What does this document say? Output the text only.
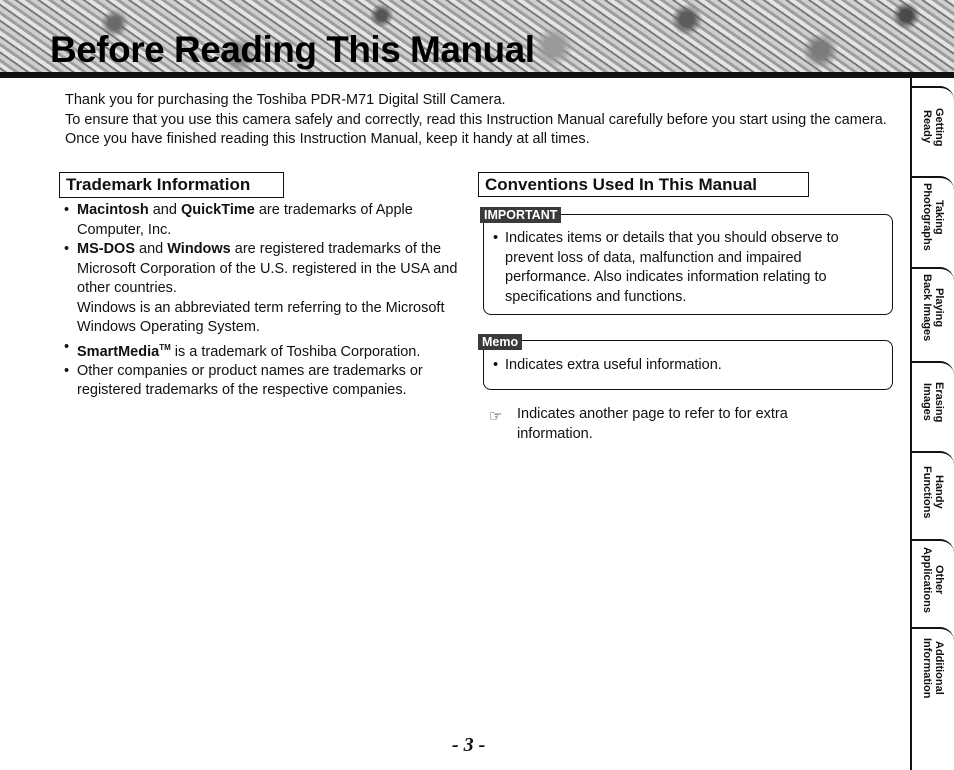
Before Reading This Manual

Thank you for purchasing the Toshiba PDR-M71 Digital Still Camera.

To ensure that you use this camera safely and correctly, read this Instruction Manual carefully before you start using the camera. Once you have finished reading this Instruction Manual, keep it handy at all times.

Trademark Information
• Macintosh and QuickTime are trademarks of Apple Computer, Inc.
• MS-DOS and Windows are registered trademarks of the Microsoft Corporation of the U.S. registered in the USA and other countries.
Windows is an abbreviated term referring to the Microsoft Windows Operating System.
• SmartMedia™ is a trademark of Toshiba Corporation.
• Other companies or product names are trademarks or registered trademarks of the respective companies.
Conventions Used In This Manual
IMPORTANT
• Indicates items or details that you should observe to prevent loss of data, malfunction and impaired performance. Also indicates information relating to specifications and functions.
Memo
• Indicates extra useful information.
☞ Indicates another page to refer to for extra information.
Getting
Ready
Taking
Photographs
Playing
Back Images
Erasing
Images
Handy
Functions
Other
Applications
Additional
Information
- 3 -
